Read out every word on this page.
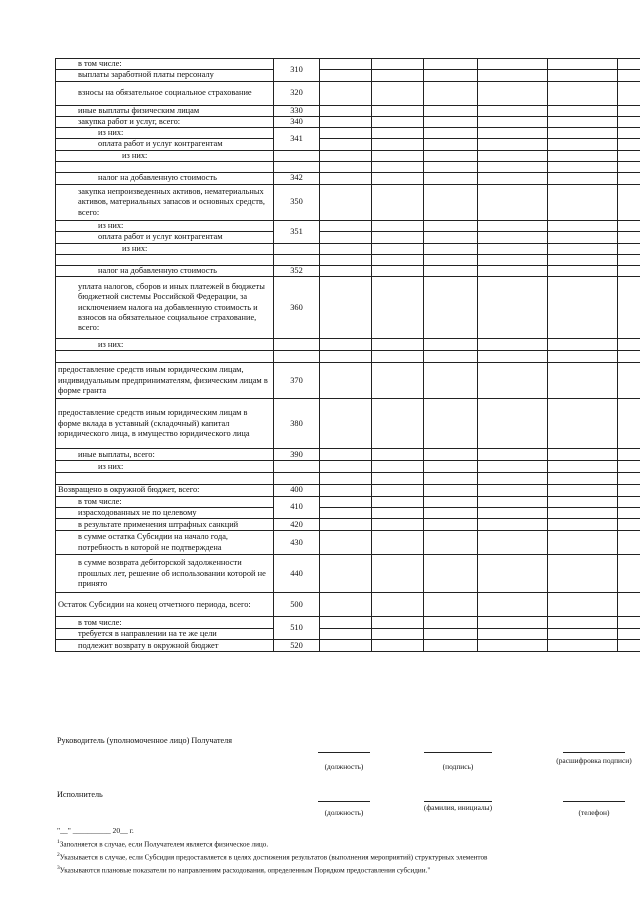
в том числе:	310						
выплаты заработной платы персоналу							
взносы на обязательное социальное страхование	320						
иные выплаты физическим лицам	330						
закупка работ и услуг, всего:	340						
из них:	341						
оплата работ и услуг контрагентам							
из них:							

налог на добавленную стоимость	342						
закупка непроизведенных активов, нематериальных активов, материальных запасов и основных средств, всего:	350						
из них:	351						
оплата работ и услуг контрагентам							
из них:							

налог на добавленную стоимость	352						
уплата налогов, сборов и иных платежей в бюджеты бюджетной системы Российской Федерации, за исключением налога на добавленную стоимость и взносов на обязательное социальное страхование, всего:	360						
из них:							

предоставление средств иным юридическим лицам, индивидуальным предпринимателям, физическим лицам в форме гранта	370						
предоставление средств иным юридическим лицам в форме вклада в уставный (складочный) капитал юридического лица, в имущество юридического лица	380						
иные выплаты, всего:	390						
из них:							

Возвращено в окружной бюджет, всего:	400						
в том числе:	410						
израсходованных не по целевому							
в результате применения штрафных санкций	420						
в сумме остатка Субсидии на начало года, потребность в которой не подтверждена	430						
в сумме возврата дебиторской задолженности прошлых лет, решение об использовании которой не принято	440						
Остаток Субсидии на конец отчетного периода, всего:	500						
в том числе:	510						
требуется в направлении на те же цели							
подлежит возврату в окружной бюджет	520						
Руководитель (уполномоченное лицо) Получателя
(должность)	(подпись)
(расшифровка подписи)
Исполнитель
(должность)
(фамилия, инициалы)
(телефон)
"__" __________ 20__ г.
$^1$Заполняется в случае, если Получателем является физическое лицо.
$^2$Указывается в случае, если Субсидия предоставляется в целях достижения результатов (выполнения мероприятий) структурных элементов
$^3$Указываются плановые показатели по направлениям расходования, определенным Порядком предоставления субсидии."
